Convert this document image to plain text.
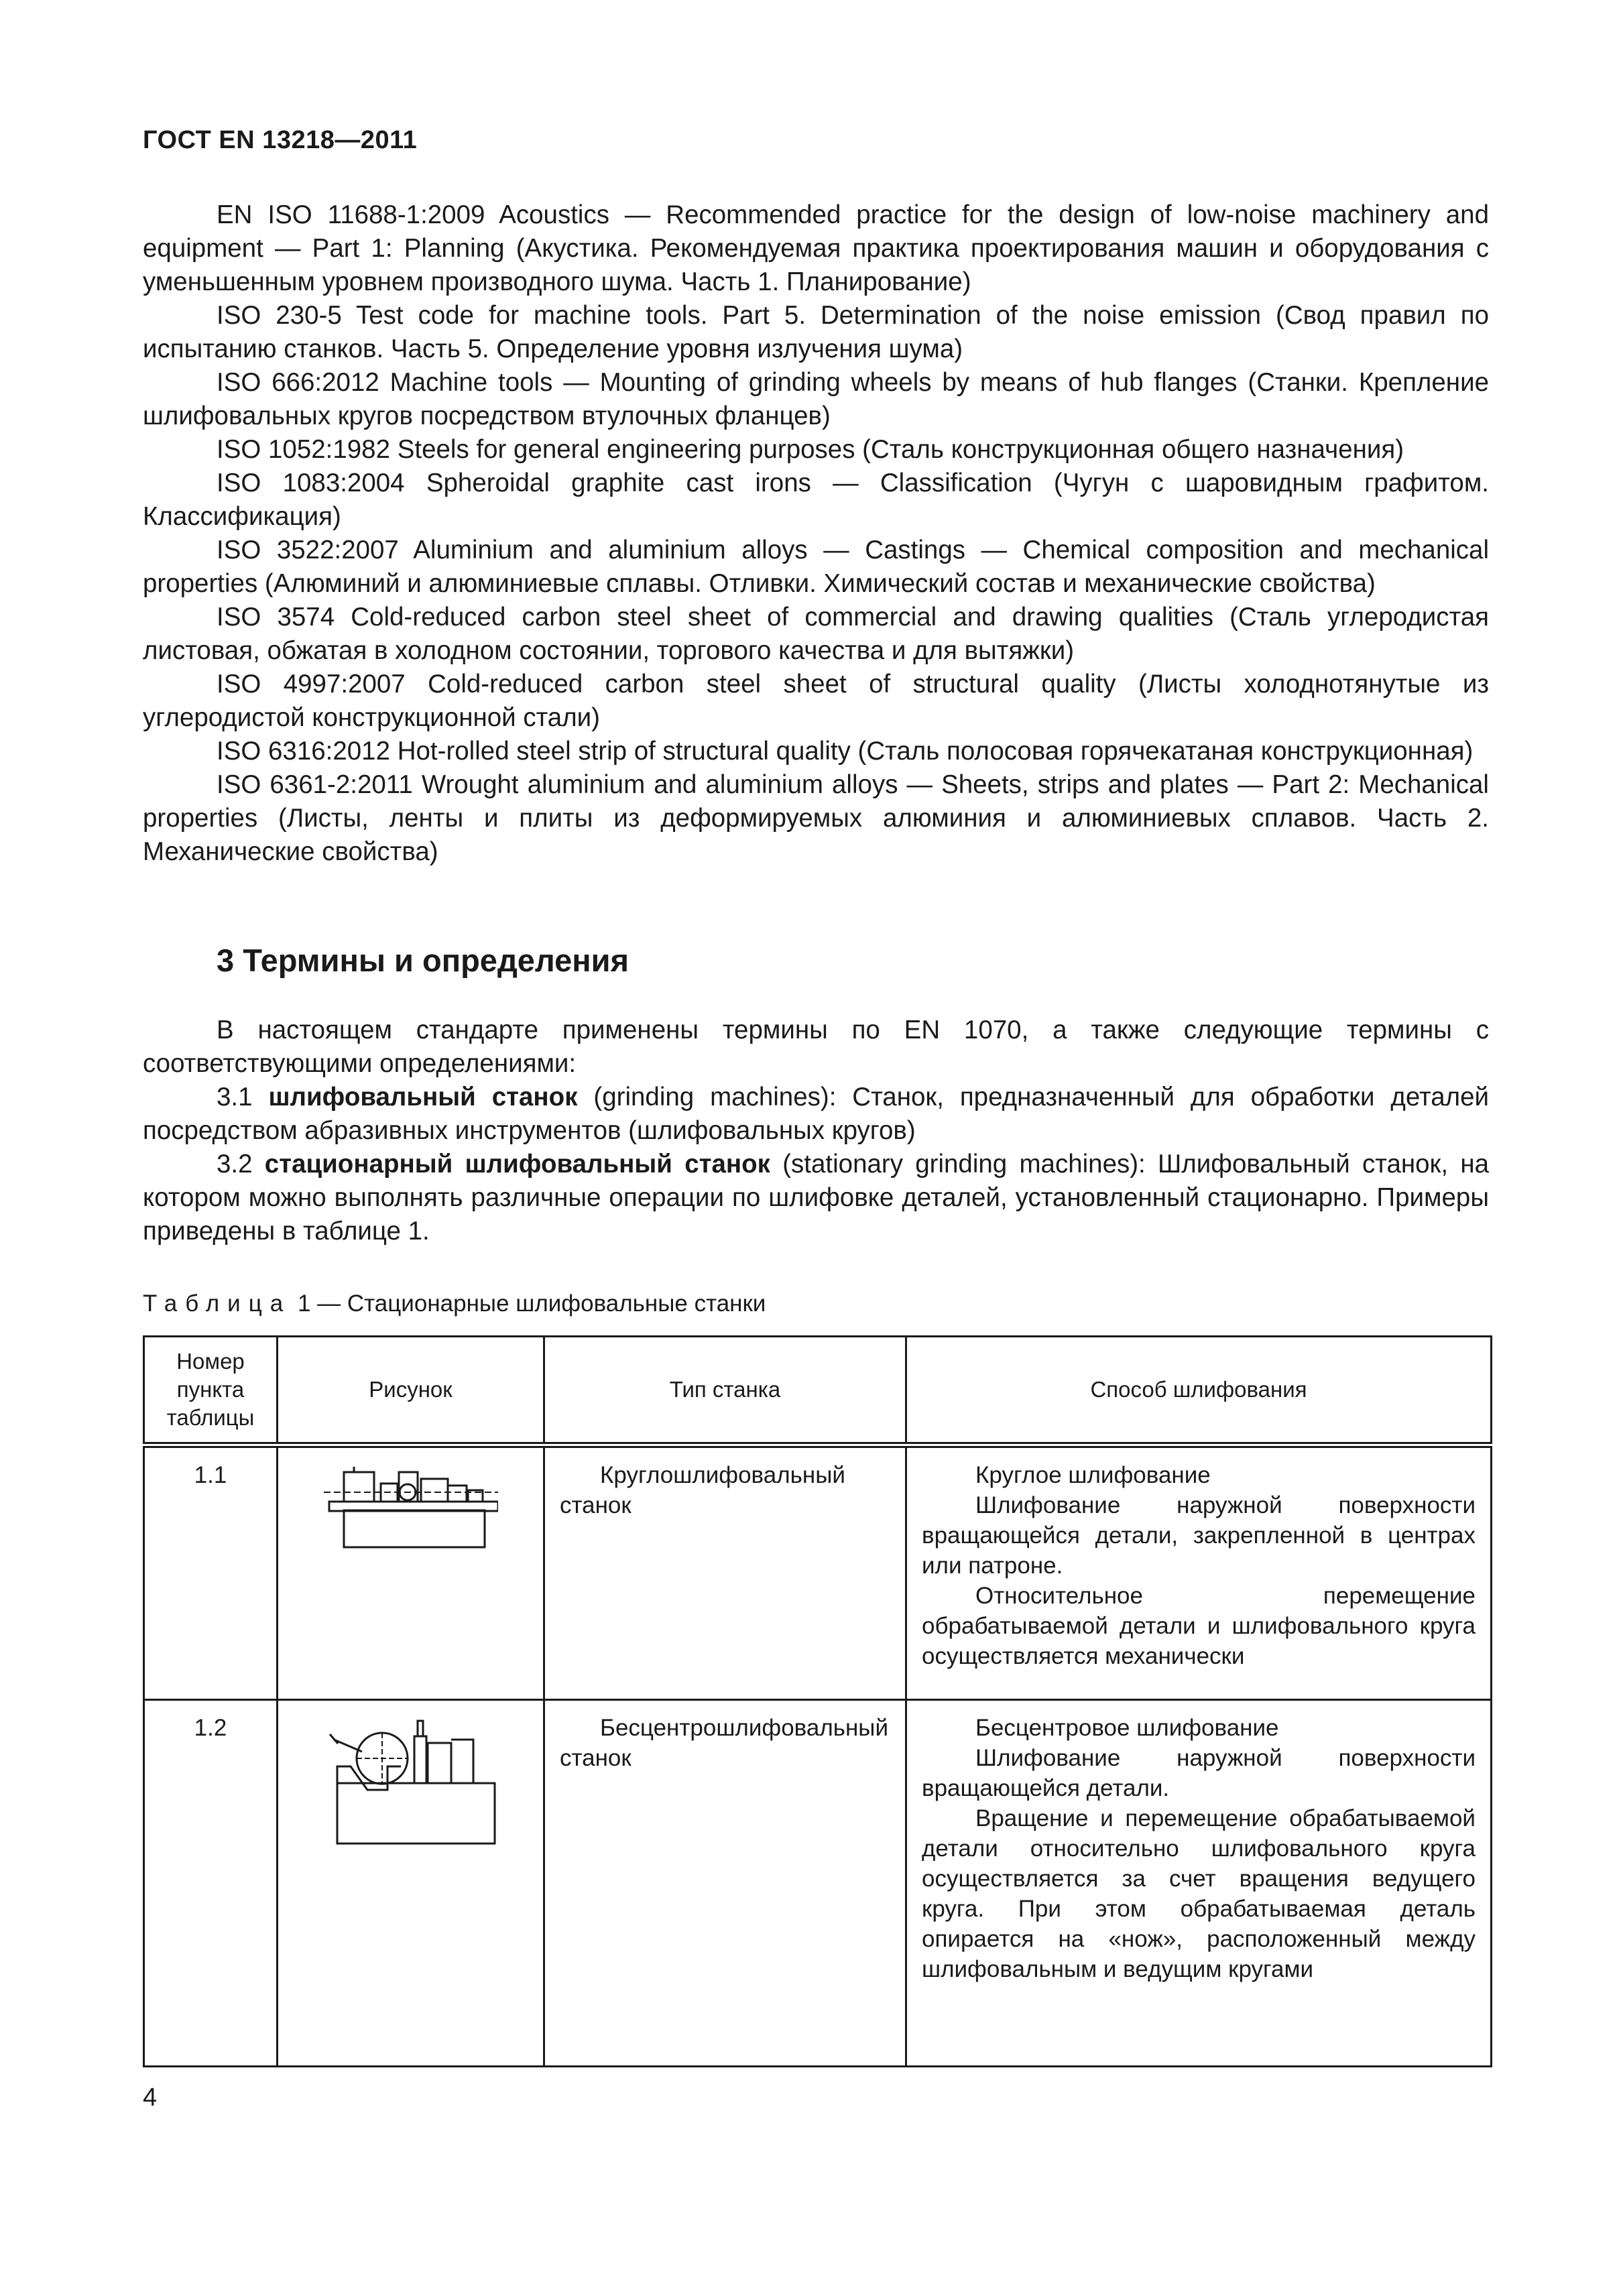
ГОСТ EN 13218—2011

EN ISO 11688-1:2009 Acoustics — Recommended practice for the design of low-noise machinery and equipment — Part 1: Planning (Акустика. Рекомендуемая практика проектирования машин и оборудования с уменьшенным уровнем производного шума. Часть 1. Планирование)

ISO 230-5 Test code for machine tools. Part 5. Determination of the noise emission (Свод правил по испытанию станков. Часть 5. Определение уровня излучения шума)

ISO 666:2012 Machine tools — Mounting of grinding wheels by means of hub flanges (Станки. Крепление шлифовальных кругов посредством втулочных фланцев)

ISO 1052:1982 Steels for general engineering purposes (Сталь конструкционная общего назначения)

ISO 1083:2004 Spheroidal graphite cast irons — Classification (Чугун с шаровидным графитом. Классификация)

ISO 3522:2007 Aluminium and aluminium alloys — Castings — Chemical composition and mechanical properties (Алюминий и алюминиевые сплавы. Отливки. Химический состав и механические свойства)

ISO 3574 Cold-reduced carbon steel sheet of commercial and drawing qualities (Сталь углеродистая листовая, обжатая в холодном состоянии, торгового качества и для вытяжки)

ISO 4997:2007 Cold-reduced carbon steel sheet of structural quality (Листы холоднотянутые из углеродистой конструкционной стали)

ISO 6316:2012 Hot-rolled steel strip of structural quality (Сталь полосовая горячекатаная конструкционная)

ISO 6361-2:2011 Wrought aluminium and aluminium alloys — Sheets, strips and plates — Part 2: Mechanical properties (Листы, ленты и плиты из деформируемых алюминия и алюминиевых сплавов. Часть 2. Механические свойства)

3 Термины и определения

В настоящем стандарте применены термины по EN 1070, а также следующие термины с соответствующими определениями:

3.1 шлифовальный станок (grinding machines): Станок, предназначенный для обработки деталей посредством абразивных инструментов (шлифовальных кругов)

3.2 стационарный шлифовальный станок (stationary grinding machines): Шлифовальный станок, на котором можно выполнять различные операции по шлифовке деталей, установленный стационарно. Примеры приведены в таблице 1.

Таблица 1 — Стационарные шлифовальные станки
Номер пункта таблицы	Рисунок	Тип станка	Способ шлифования
1.1		Круглошлифовальный станок	Круглое шлифование

Шлифование наружной поверхности вращающейся детали, закрепленной в центрах или патроне.

Относительное перемещение обрабатываемой детали и шлифовального круга осуществляется механически

1.2		Бесцентрошлифовальный станок	Бесцентровое шлифование

Шлифование наружной поверхности вращающейся детали.

Вращение и перемещение обрабатываемой детали относительно шлифовального круга осуществляется за счет вращения ведущего круга. При этом обрабатываемая деталь опирается на «нож», расположенный между шлифовальным и ведущим кругами

4
